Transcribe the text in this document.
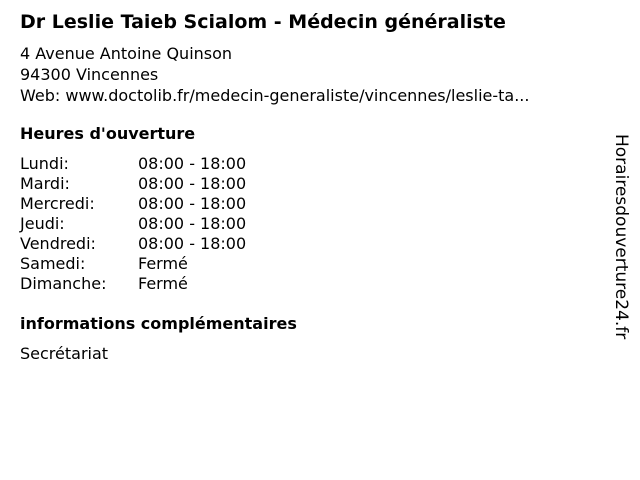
Dr Leslie Taieb Scialom - Médecin généraliste
4 Avenue Antoine Quinson
94300 Vincennes
Web: www.doctolib.fr/medecin-generaliste/vincennes/leslie-ta...
Heures d'ouverture
Lundi:	08:00 - 18:00
Mardi:	08:00 - 18:00
Mercredi:	08:00 - 18:00
Jeudi:	08:00 - 18:00
Vendredi:	08:00 - 18:00
Samedi:	Fermé
Dimanche:	Fermé
informations complémentaires
Secrétariat
Horairesdouverture24.fr
